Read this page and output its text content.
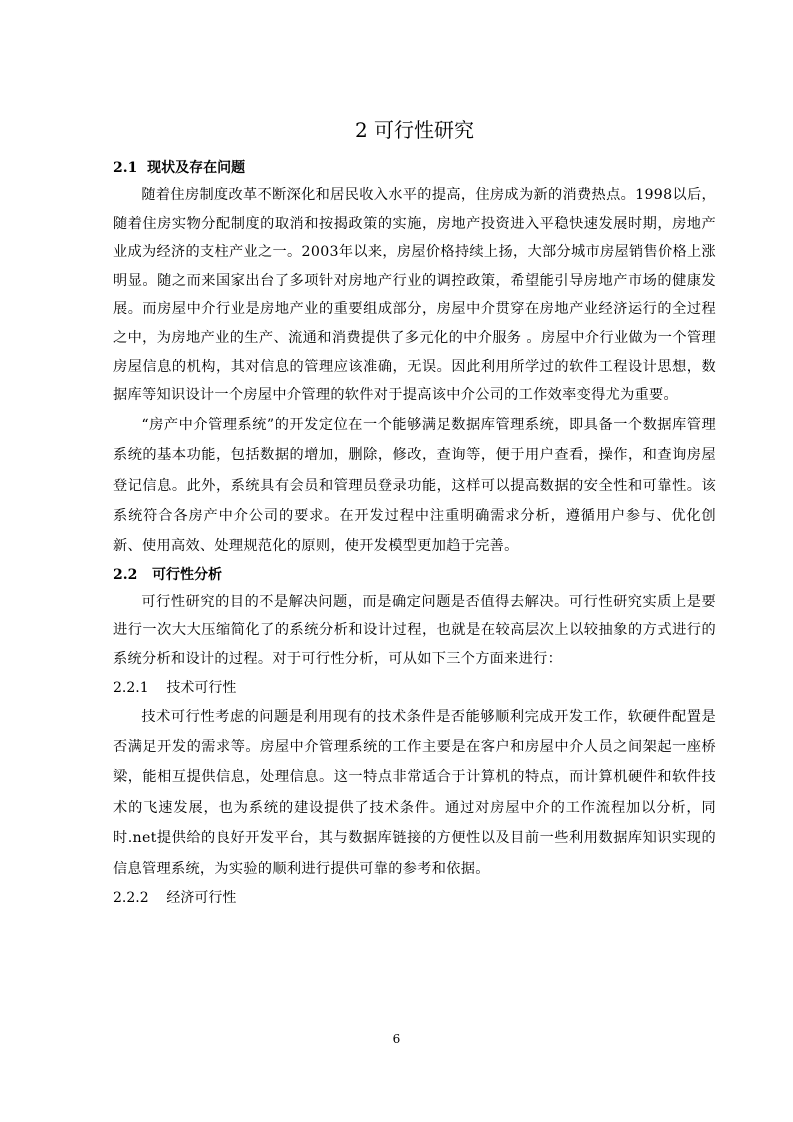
2 可行性研究
2.1  现状及存在问题

随着住房制度改革不断深化和居民收入水平的提高，住房成为新的消费热点。1998以后，随着住房实物分配制度的取消和按揭政策的实施，房地产投资进入平稳快速发展时期，房地产业成为经济的支柱产业之一。2003年以来，房屋价格持续上扬，大部分城市房屋销售价格上涨明显。随之而来国家出台了多项针对房地产行业的调控政策，希望能引导房地产市场的健康发展。而房屋中介行业是房地产业的重要组成部分，房屋中介贯穿在房地产业经济运行的全过程之中，为房地产业的生产、流通和消费提供了多元化的中介服务 。房屋中介行业做为一个管理房屋信息的机构，其对信息的管理应该准确，无误。因此利用所学过的软件工程设计思想，数据库等知识设计一个房屋中介管理的软件对于提高该中介公司的工作效率变得尤为重要。

“房产中介管理系统”的开发定位在一个能够满足数据库管理系统，即具备一个数据库管理系统的基本功能，包括数据的增加，删除，修改，查询等，便于用户查看，操作，和查询房屋登记信息。此外，系统具有会员和管理员登录功能，这样可以提高数据的安全性和可靠性。该系统符合各房产中介公司的要求。在开发过程中注重明确需求分析，遵循用户参与、优化创新、使用高效、处理规范化的原则，使开发模型更加趋于完善。

2.2   可行性分析

可行性研究的目的不是解决问题，而是确定问题是否值得去解决。可行性研究实质上是要进行一次大大压缩简化了的系统分析和设计过程，也就是在较高层次上以较抽象的方式进行的系统分析和设计的过程。对于可行性分析，可从如下三个方面来进行：

2.2.1    技术可行性

技术可行性考虑的问题是利用现有的技术条件是否能够顺利完成开发工作，软硬件配置是否满足开发的需求等。房屋中介管理系统的工作主要是在客户和房屋中介人员之间架起一座桥梁，能相互提供信息，处理信息。这一特点非常适合于计算机的特点，而计算机硬件和软件技术的飞速发展，也为系统的建设提供了技术条件。通过对房屋中介的工作流程加以分析，同时.net提供给的良好开发平台，其与数据库链接的方便性以及目前一些利用数据库知识实现的信息管理系统，为实验的顺利进行提供可靠的参考和依据。

2.2.2    经济可行性
6
